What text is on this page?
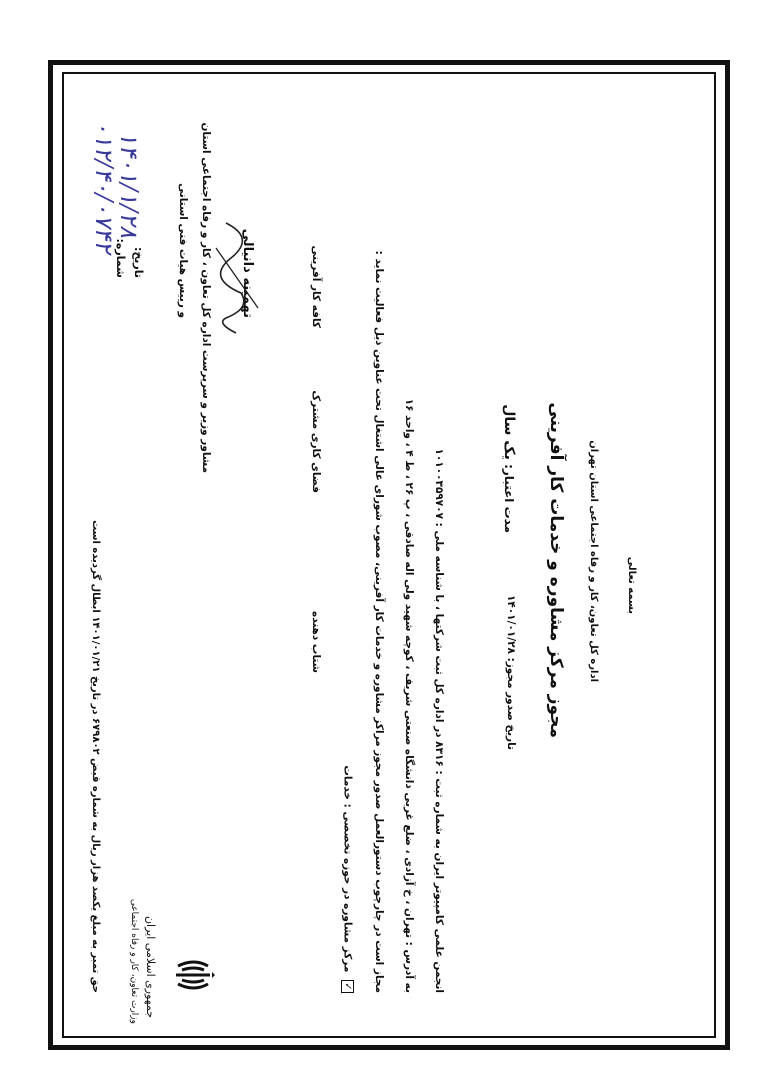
جمهوری اسلامی ایران
وزارت تعاون، کار و رفاه اجتماعی
بسمه تعالی
اداره کل تعاون، کار و رفاه اجتماعی استان تهران
مجوز مرکز مشاوره و خدمات کار آفرینی
تاریخ صدور مجوز: ۱۴۰۱/۰۱/۲۸
مدت اعتبار: یک سال
شماره:
۰۱۲/۴۰/۰۷۴۲
تاریخ:
۱۴۰۱/۱/۲۸
انجمن علمی کامپیوتر ایران به شماره ثبت : ۸۳۱۶ در اداره کل ثبت شرکتها ، با شناسه ملی : ۱۰۱۰۰۳۵۹۷۰۷
به آدرس : تهران ، خ آزادی ، ضلع غربی دانشگاه صنعتی شریف ، کوچه شهید ولی اله صادقی ، پ ۲۶ ، ط ۴ ، واحد ۱۶
مجاز است در چارچوب دستورالعمل صدور مجوز مراکز مشاوره و خدمات کار آفرینی، مصوب شورای عالی اشتغال تحت عناوین ذیل فعالیت نماید :
✓ مرکز مشاوره در حوزه تخصصی : خدمات
شتاب دهنده
فضای کاری مشترک
کافه کار آفرینی
تهمینه دانیالی
مشاور وزیر و سرپرست اداره کل تعاون ، کار و رفاه اجتماعی استان
و رییس هیات فنی استانی
حق تمبر به مبلغ یکصد هزار ریال به شماره قبض ۶۷۹۸۰۲ در تاریخ ۱۴۰۱/۰۱/۲۱ ابطال گردیده است
